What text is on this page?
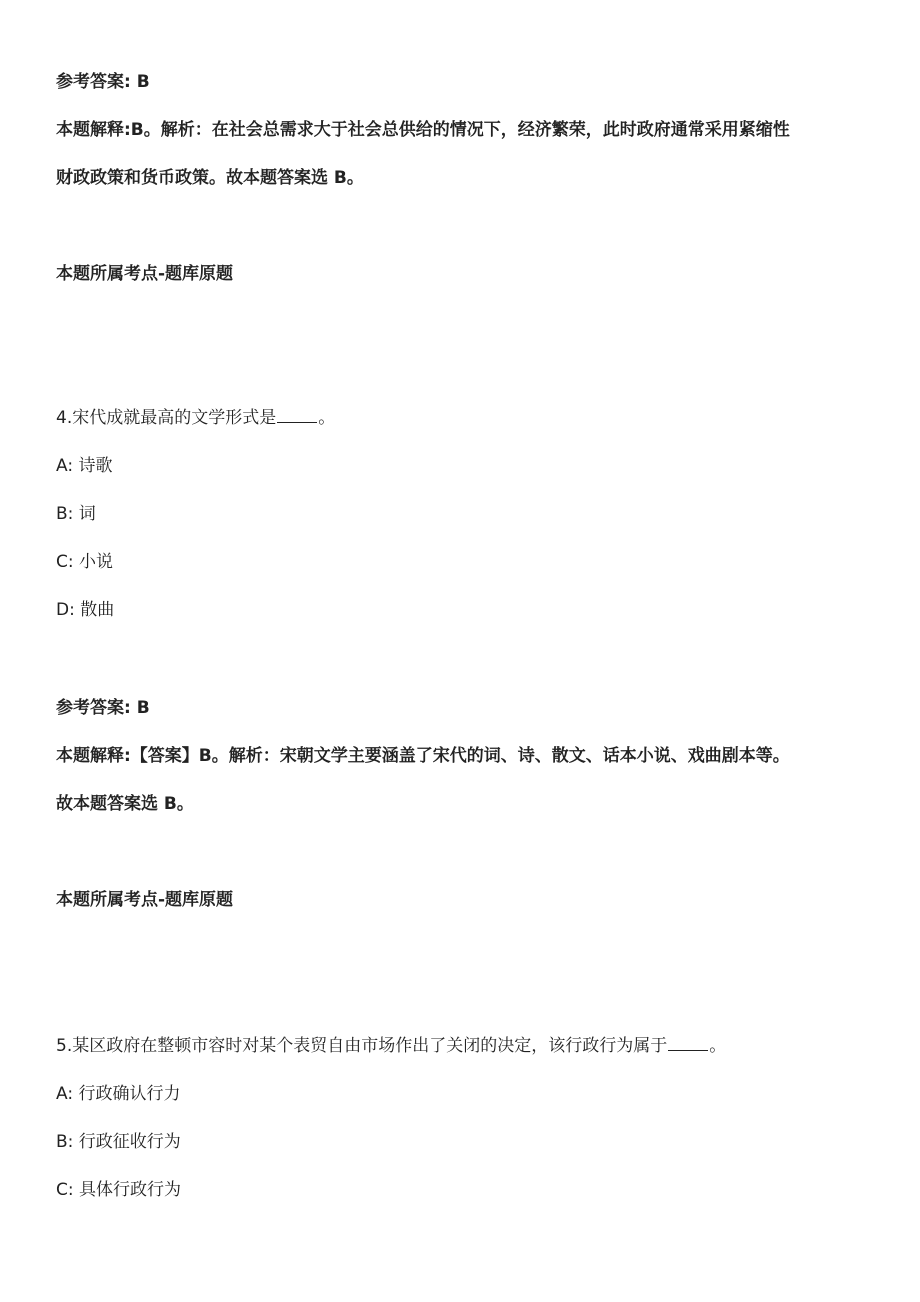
参考答案: B
本题解释:B。解析：在社会总需求大于社会总供给的情况下，经济繁荣，此时政府通常采用紧缩性
财政政策和货币政策。故本题答案选 B。
本题所属考点-题库原题
4.宋代成就最高的文学形式是 。
A: 诗歌
B: 词
C: 小说
D: 散曲
参考答案: B
本题解释:【答案】B。解析：宋朝文学主要涵盖了宋代的词、诗、散文、话本小说、戏曲剧本等。
故本题答案选 B。
本题所属考点-题库原题
5.某区政府在整顿市容时对某个表贸自由市场作出了关闭的决定，该行政行为属于 。
A: 行政确认行力
B: 行政征收行为
C: 具体行政行为
